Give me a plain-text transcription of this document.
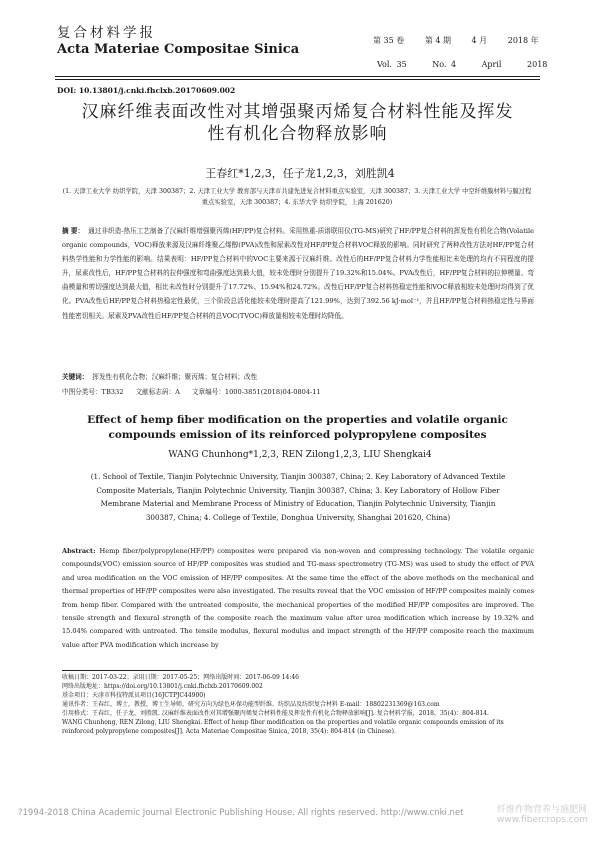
复合材料学报
Acta Materiae Compositae Sinica
第 35 卷	第 4 期	4 月	2018 年
Vol. 35	No. 4	April	2018
DOI: 10.13801/j.cnki.fhclxb.20170609.002
汉麻纤维表面改性对其增强聚丙烯复合材料性能及挥发性有机化合物释放影响
王春红*1,2,3，任子龙1,2,3，刘胜凯4
(1. 天津工业大学 纺织学院，天津 300387；2. 天津工业大学 教育部与天津市共建先进复合材料重点实验室，天津 300387；3. 天津工业大学 中空纤维膜材料与膜过程重点实验室，天津 300387；4. 东华大学 纺织学院，上海 201620)
摘 要： 通过非织造-热压工艺制备了汉麻纤维增强聚丙烯(HF/PP)复合材料。采用热重-质谱联用仪(TG-MS)研究了HF/PP复合材料的挥发性有机化合物(Volatile organic compounds，VOC)释放来源及汉麻纤维聚乙烯醇(PVA)改性和尿素改性对HF/PP复合材料VOC释放的影响。同时研究了两种改性方法对HF/PP复合材料热学性能和力学性能的影响。结果表明：HF/PP复合材料中的VOC主要来源于汉麻纤维。改性后的HF/PP复合材料力学性能相比未处理的均有不同程度的提升，尿素改性后，HF/PP复合材料的拉伸强度和弯曲强度达到最大值，较未处理时分别提升了19.32%和15.04%。PVA改性后，HF/PP复合材料的拉伸模量、弯曲模量和剪切强度达到最大值，相比未改性时分别提升了17.72%、15.94%和24.72%。改性后HF/PP复合材料热稳定性能和VOC释放相较未处理时均得到了优化。PVA改性后HF/PP复合材料热稳定性最优，三个阶段总活化能较未处理时提高了121.99%，达到了392.56 kJ·mol⁻¹，并且HF/PP复合材料热稳定性与界面性能密切相关。尿素及PVA改性后HF/PP复合材料的总VOC(TVOC)释放量相较未处理时均降低。
关键词： 挥发性有机化合物；汉麻纤维；聚丙烯；复合材料；改性
中图分类号：TB332 文献标志码：A 文章编号：1000-3851(2018)04-0804-11
Effect of hemp fiber modification on the properties and volatile organic compounds emission of its reinforced polypropylene composites
WANG Chunhong*1,2,3, REN Zilong1,2,3, LIU Shengkai4
(1. School of Textile, Tianjin Polytechnic University, Tianjin 300387, China; 2. Key Laboratory of Advanced Textile Composite Materials, Tianjin Polytechnic University, Tianjin 300387, China; 3. Key Laboratory of Hollow Fiber Membrane Material and Membrane Process of Ministry of Education, Tianjin Polytechnic University, Tianjin 300387, China; 4. College of Textile, Donghua University, Shanghai 201620, China)
Abstract: Hemp fiber/polypropylene(HF/PP) composites were prepared via non-woven and compressing technology. The volatile organic compounds(VOC) emission source of HF/PP composites was studied and TG-mass spectrometry (TG-MS) was used to study the effect of PVA and urea modification on the VOC emission of HF/PP composites. At the same time the effect of the above methods on the mechanical and thermal properties of HF/PP composites were also investigated. The results reveal that the VOC emission of HF/PP composites mainly comes from hemp fiber. Compared with the untreated composite, the mechanical properties of the modified HF/PP composites are improved. The tensile strength and flexural strength of the composite reach the maximum value after urea modification which increase by 19.32% and 15.04% compared with untreated. The tensile modulus, flexural modulus and impact strength of the HF/PP composite reach the maximum value after PVA modification which increase by

收稿日期：2017-03-22；录用日期：2017-05-25；网络出版时间：2017-06-09 14:46

网络出版地址：https://doi.org/10.13801/j.cnki.fhclxb.20170609.002

基金项目：天津市科技特派员项目(16JCTPJC44900)

通讯作者：王春红，博士，教授，博士生导师，研究方向为绿色环保功能型纤维、纺织品及纺织复合材料 E-mail：18802231369@163.com

引用格式：王春红，任子龙，刘胜凯. 汉麻纤维表面改性对其增强聚丙烯复合材料性能及挥发性有机化合物释放影响[J]. 复合材料学报，2018，35(4)：804-814.

WANG Chunhong, REN Zilong, LIU Shengkai. Effect of hemp fiber modification on the properties and volatile organic compounds emission of its reinforced polypropylene composites[J]. Acta Materiae Compositae Sinica, 2018, 35(4): 804-814 (in Chinese).

?1994-2018 China Academic Journal Electronic Publishing House. All rights reserved. http://www.cnki.net	纤维作物营养与施肥网
www.fibercrops.com
